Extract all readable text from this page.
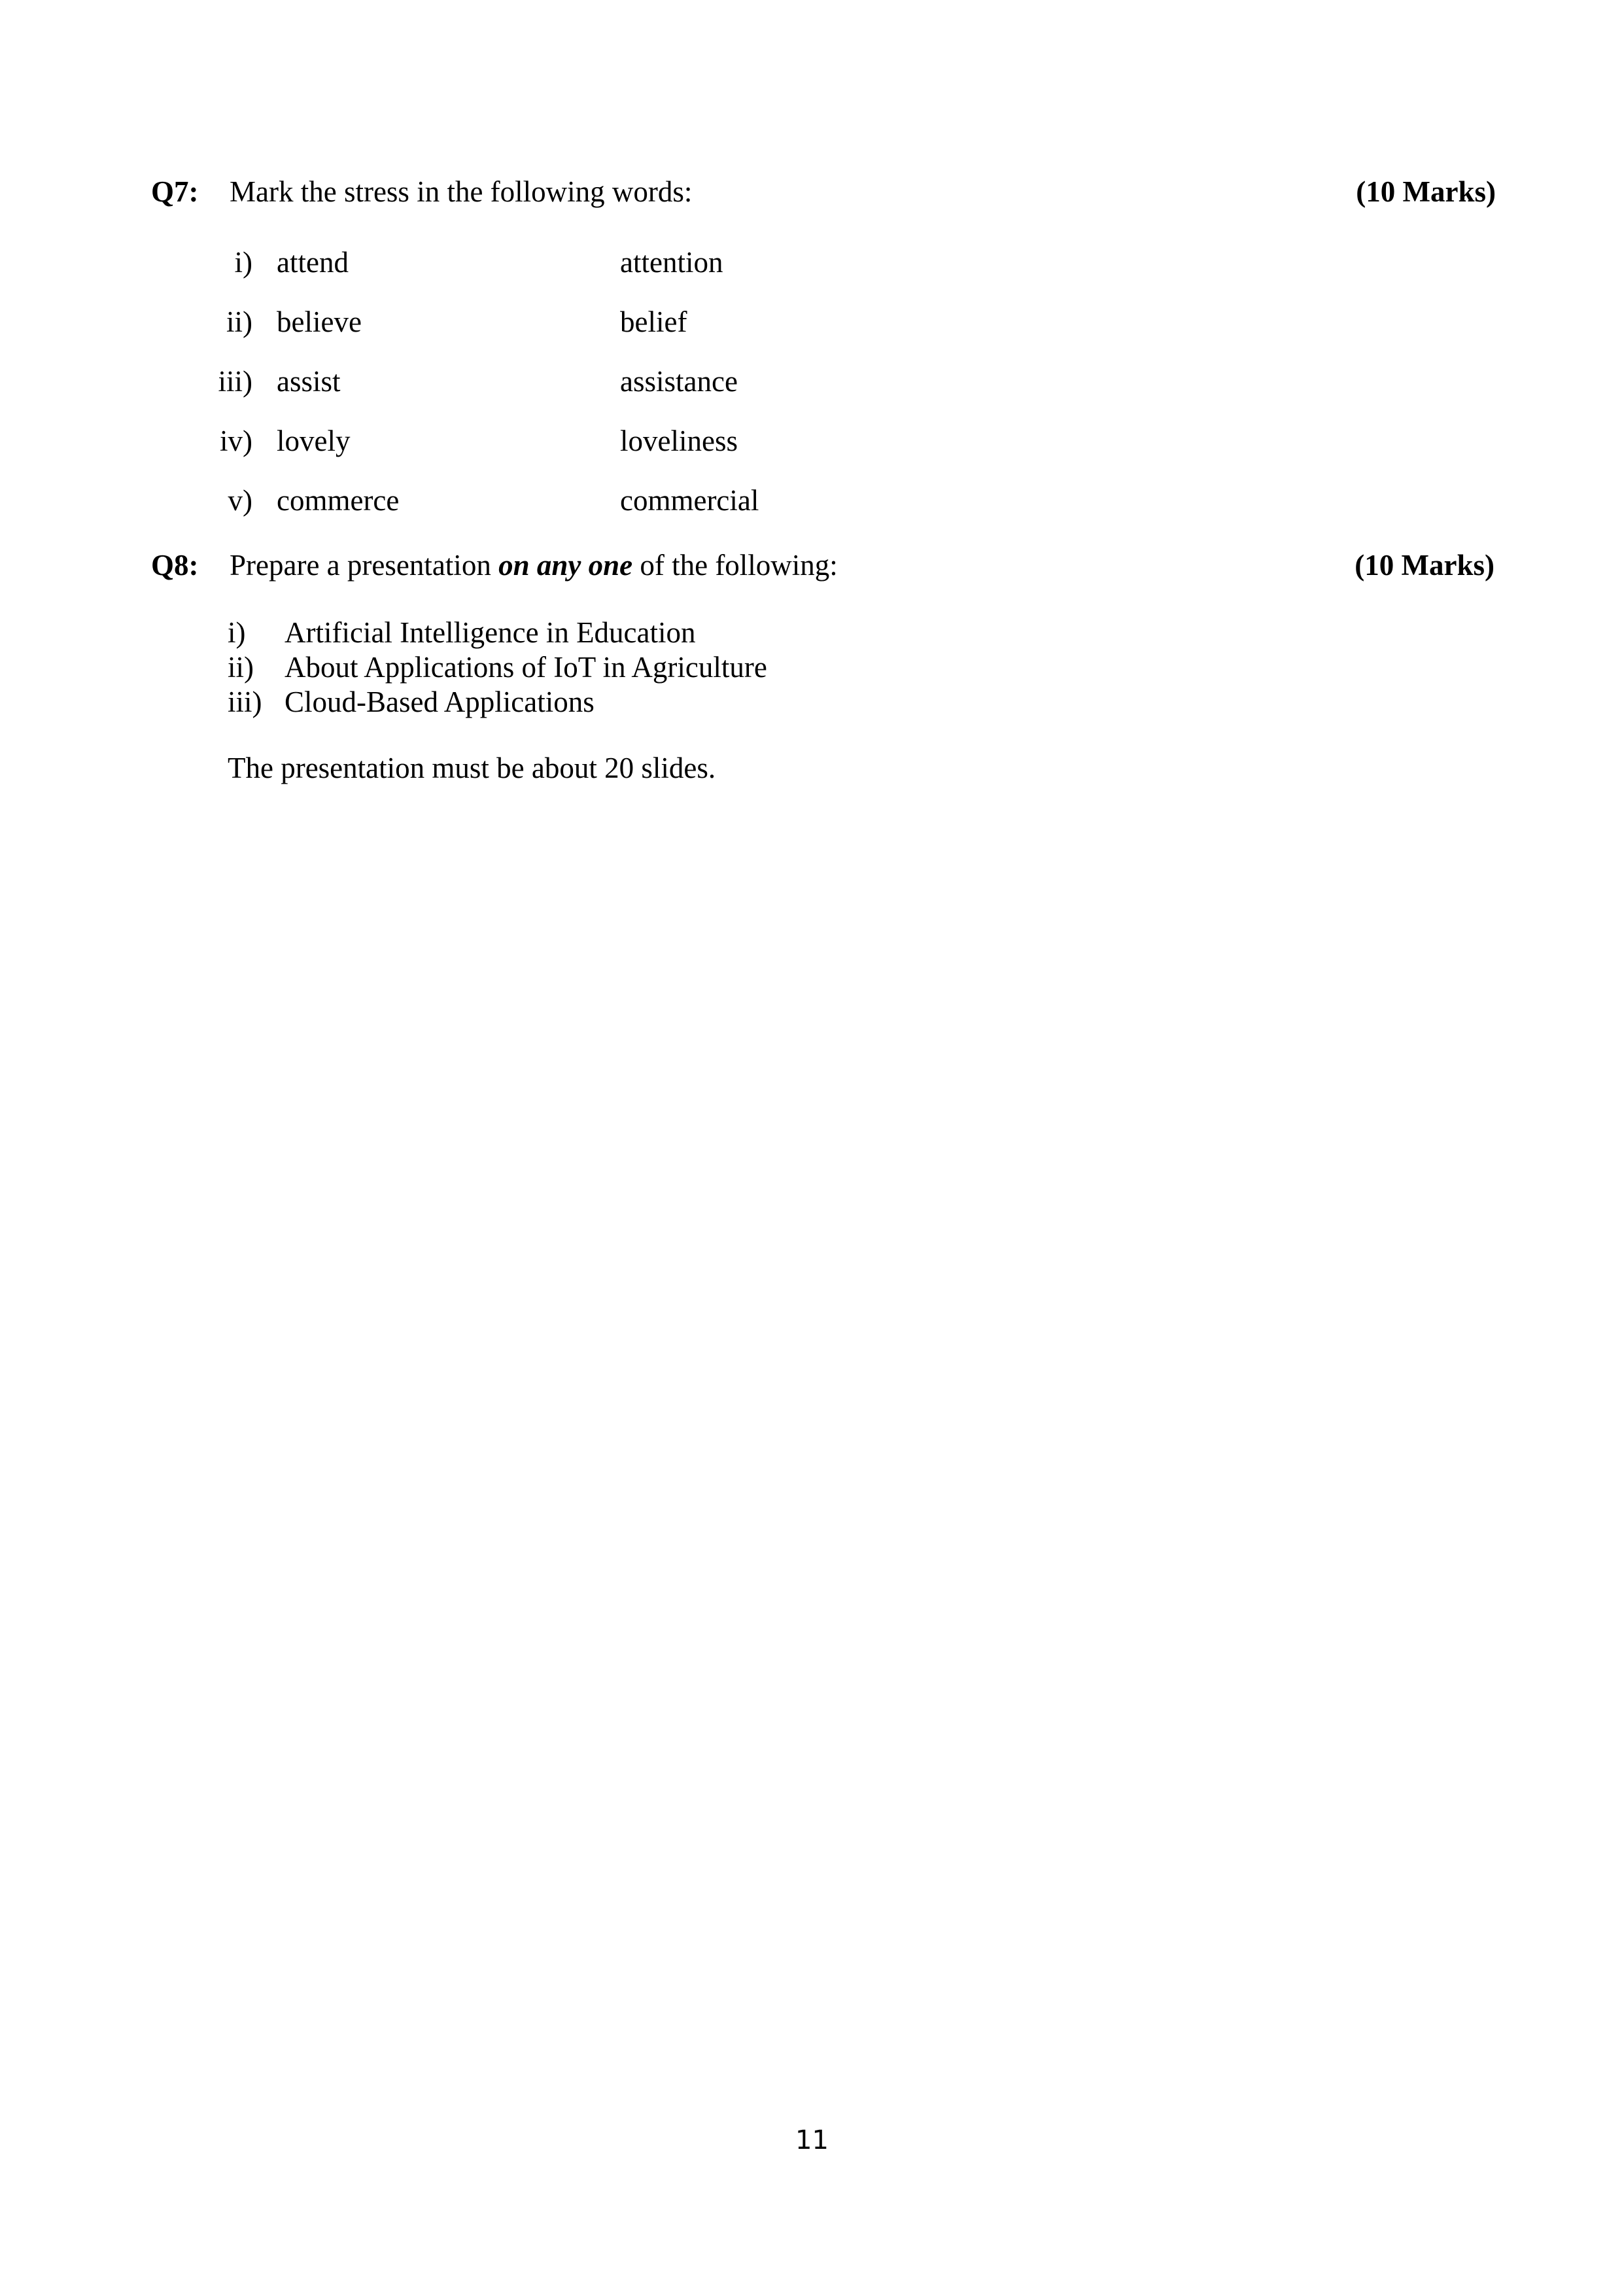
Q7: Mark the stress in the following words:	(10 Marks)
i) attend	attention
ii) believe	belief
iii) assist	assistance
iv) lovely	loveliness
v) commerce	commercial
Q8: Prepare a presentation on any one of the following:	(10 Marks)
i) Artificial Intelligence in Education
ii) About Applications of IoT in Agriculture
iii) Cloud-Based Applications
The presentation must be about 20 slides.
11
